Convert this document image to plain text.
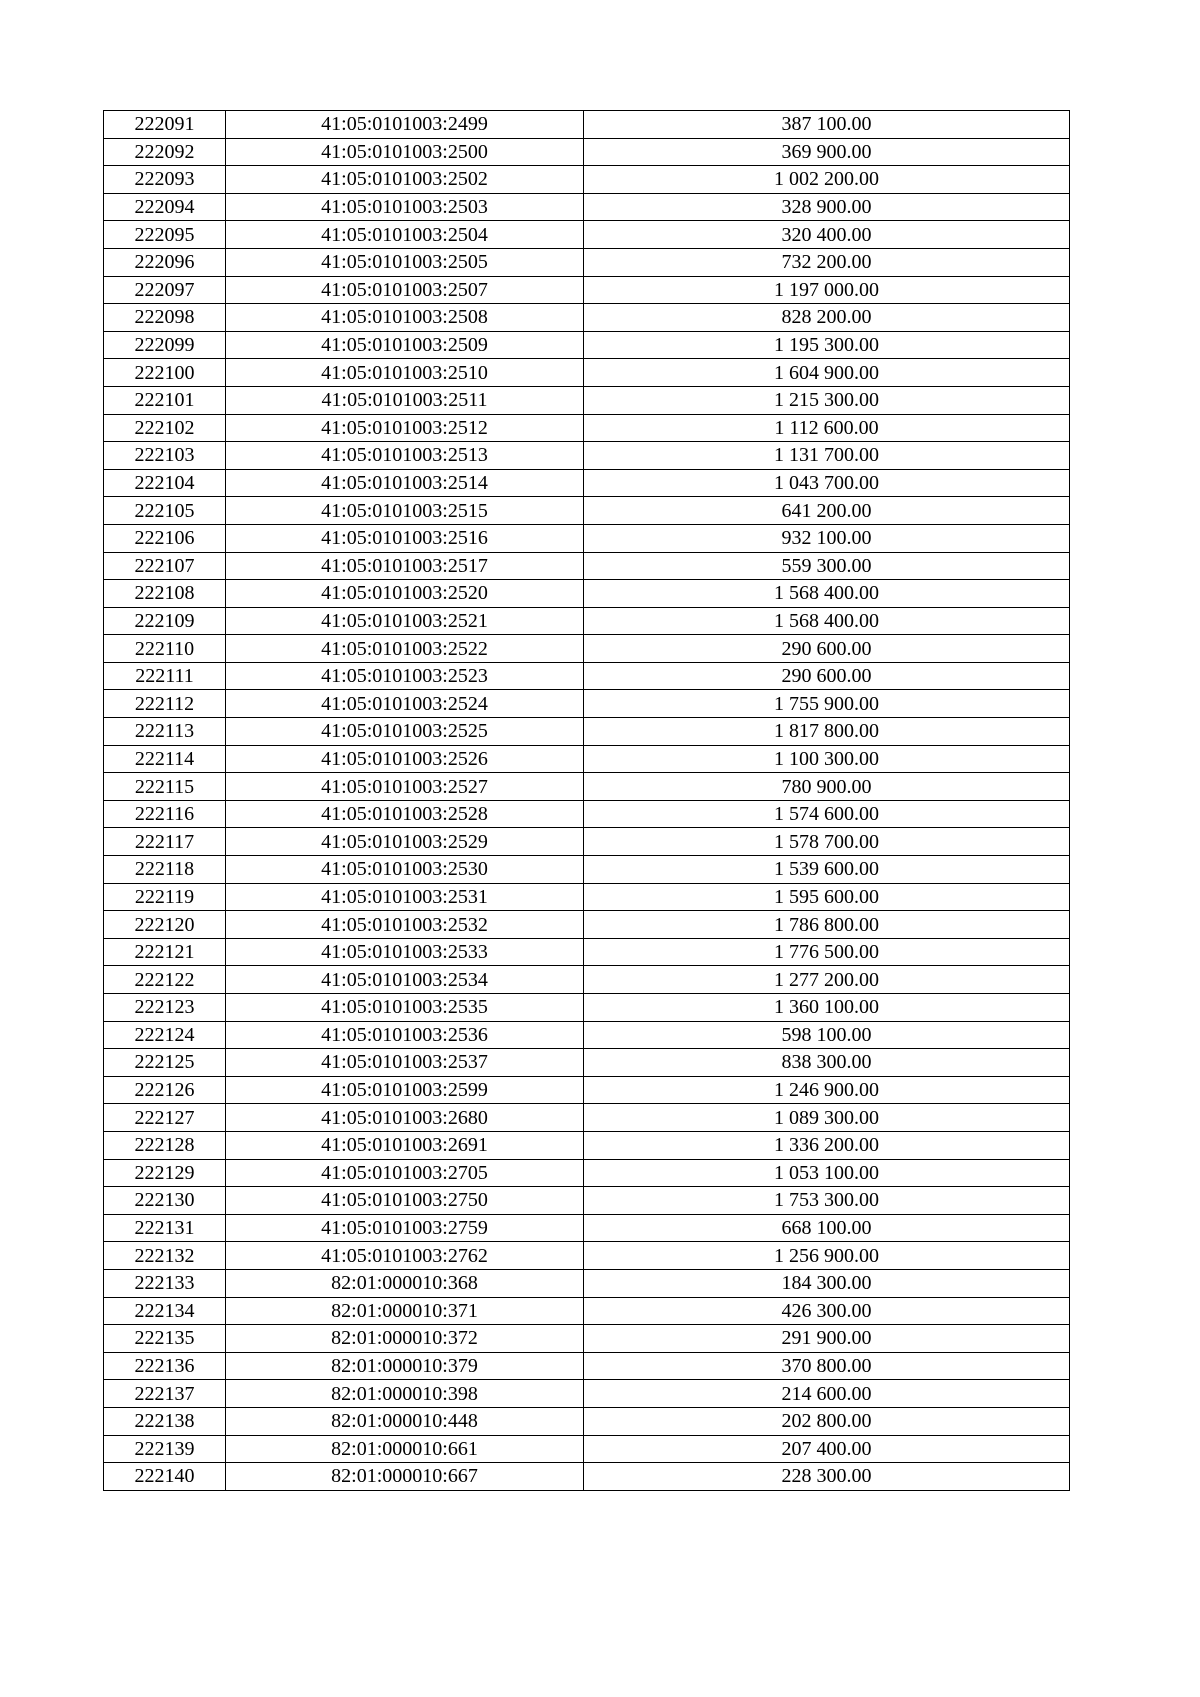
222091	41:05:0101003:2499	387 100.00
222092	41:05:0101003:2500	369 900.00
222093	41:05:0101003:2502	1 002 200.00
222094	41:05:0101003:2503	328 900.00
222095	41:05:0101003:2504	320 400.00
222096	41:05:0101003:2505	732 200.00
222097	41:05:0101003:2507	1 197 000.00
222098	41:05:0101003:2508	828 200.00
222099	41:05:0101003:2509	1 195 300.00
222100	41:05:0101003:2510	1 604 900.00
222101	41:05:0101003:2511	1 215 300.00
222102	41:05:0101003:2512	1 112 600.00
222103	41:05:0101003:2513	1 131 700.00
222104	41:05:0101003:2514	1 043 700.00
222105	41:05:0101003:2515	641 200.00
222106	41:05:0101003:2516	932 100.00
222107	41:05:0101003:2517	559 300.00
222108	41:05:0101003:2520	1 568 400.00
222109	41:05:0101003:2521	1 568 400.00
222110	41:05:0101003:2522	290 600.00
222111	41:05:0101003:2523	290 600.00
222112	41:05:0101003:2524	1 755 900.00
222113	41:05:0101003:2525	1 817 800.00
222114	41:05:0101003:2526	1 100 300.00
222115	41:05:0101003:2527	780 900.00
222116	41:05:0101003:2528	1 574 600.00
222117	41:05:0101003:2529	1 578 700.00
222118	41:05:0101003:2530	1 539 600.00
222119	41:05:0101003:2531	1 595 600.00
222120	41:05:0101003:2532	1 786 800.00
222121	41:05:0101003:2533	1 776 500.00
222122	41:05:0101003:2534	1 277 200.00
222123	41:05:0101003:2535	1 360 100.00
222124	41:05:0101003:2536	598 100.00
222125	41:05:0101003:2537	838 300.00
222126	41:05:0101003:2599	1 246 900.00
222127	41:05:0101003:2680	1 089 300.00
222128	41:05:0101003:2691	1 336 200.00
222129	41:05:0101003:2705	1 053 100.00
222130	41:05:0101003:2750	1 753 300.00
222131	41:05:0101003:2759	668 100.00
222132	41:05:0101003:2762	1 256 900.00
222133	82:01:000010:368	184 300.00
222134	82:01:000010:371	426 300.00
222135	82:01:000010:372	291 900.00
222136	82:01:000010:379	370 800.00
222137	82:01:000010:398	214 600.00
222138	82:01:000010:448	202 800.00
222139	82:01:000010:661	207 400.00
222140	82:01:000010:667	228 300.00
